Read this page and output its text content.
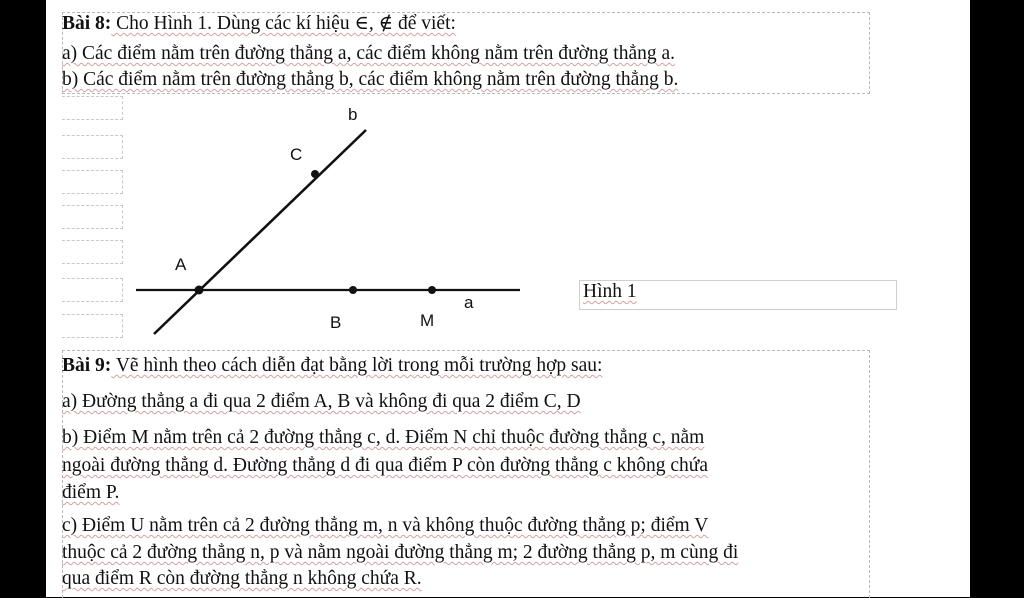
Bài 8: Cho Hình 1. Dùng các kí hiệu ∈, ∉ để viết:
a) Các điểm nằm trên đường thẳng a, các điểm không nằm trên đường thẳng a.
b) Các điểm nằm trên đường thẳng b, các điểm không nằm trên đường thẳng b.
b
C
A
B	M
a
Hình 1
Bài 9: Vẽ hình theo cách diễn đạt bằng lời trong mỗi trường hợp sau:
a) Đường thẳng a đi qua 2 điểm A, B và không đi qua 2 điểm C, D
b) Điểm M nằm trên cả 2 đường thẳng c, d. Điểm N chỉ thuộc đường thẳng c, nằm
ngoài đường thẳng d. Đường thẳng d đi qua điểm P còn đường thẳng c không chứa
điểm P.
c) Điểm U nằm trên cả 2 đường thẳng m, n và không thuộc đường thẳng p; điểm V
thuộc cả 2 đường thẳng n, p và nằm ngoài đường thẳng m; 2 đường thẳng p, m cùng đi
qua điểm R còn đường thẳng n không chứa R.
